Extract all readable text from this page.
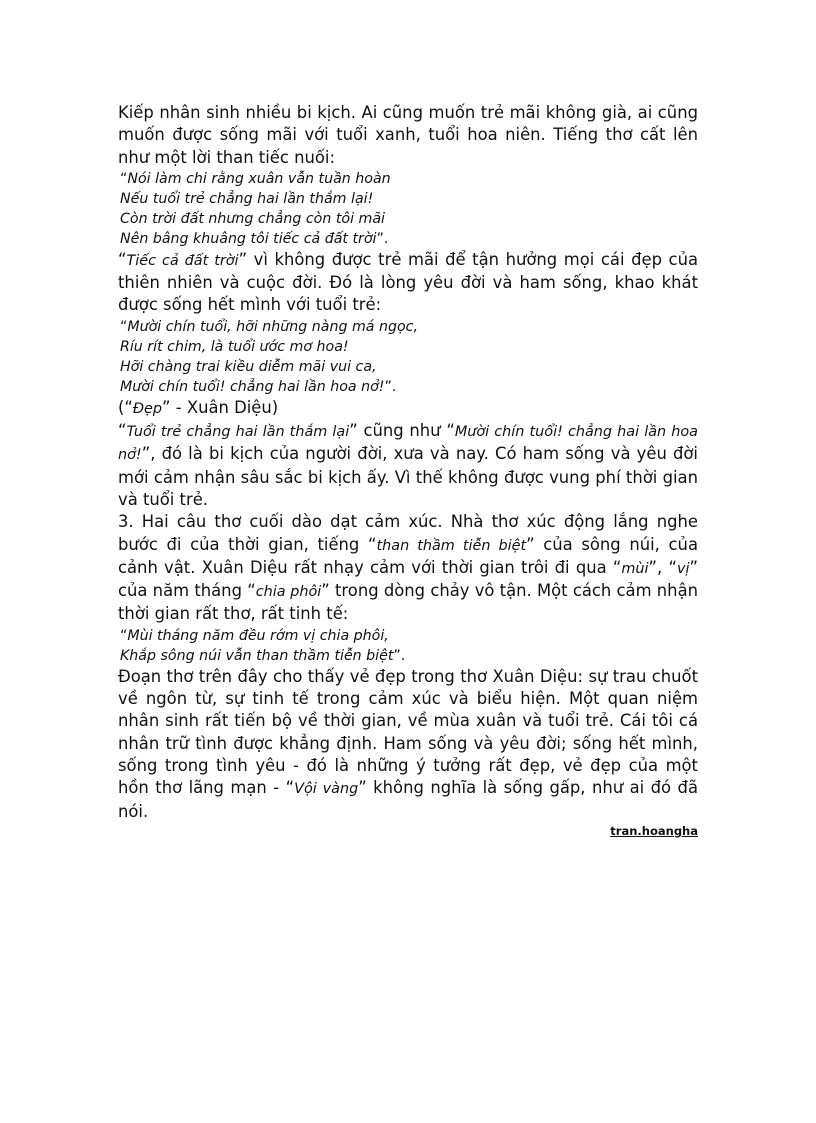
Kiếp nhân sinh nhiều bi kịch. Ai cũng muốn trẻ mãi không già, ai cũng muốn được sống mãi với tuổi xanh, tuổi hoa niên. Tiếng thơ cất lên như một lời than tiếc nuối:

“Nói làm chi rằng xuân vẫn tuần hoàn
Nếu tuổi trẻ chẳng hai lần thắm lại!
Còn trời đất nhưng chẳng còn tôi mãi
Nên bâng khuâng tôi tiếc cả đất trời”.

“Tiếc cả đất trời” vì không được trẻ mãi để tận hưởng mọi cái đẹp của thiên nhiên và cuộc đời. Đó là lòng yêu đời và ham sống, khao khát được sống hết mình với tuổi trẻ:

“Mười chín tuổi, hỡi những nàng má ngọc,
Ríu rít chim, là tuổi ước mơ hoa!
Hỡi chàng trai kiều diễm mãi vui ca,
Mười chín tuổi! chẳng hai lần hoa nở!”.

(“Đẹp” - Xuân Diệu)

“Tuổi trẻ chẳng hai lần thắm lại” cũng như “Mười chín tuổi! chẳng hai lần hoa nở!”, đó là bi kịch của người đời, xưa và nay. Có ham sống và yêu đời mới cảm nhận sâu sắc bi kịch ấy. Vì thế không được vung phí thời gian và tuổi trẻ.

3. Hai câu thơ cuối dào dạt cảm xúc. Nhà thơ xúc động lắng nghe bước đi của thời gian, tiếng “than thầm tiễn biệt” của sông núi, của cảnh vật. Xuân Diệu rất nhạy cảm với thời gian trôi đi qua “mùi”, “vị” của năm tháng “chia phôi” trong dòng chảy vô tận. Một cách cảm nhận thời gian rất thơ, rất tinh tế:

“Mùi tháng năm đều rớm vị chia phôi,
Khắp sông núi vẫn than thầm tiễn biệt”.

Đoạn thơ trên đây cho thấy vẻ đẹp trong thơ Xuân Diệu: sự trau chuốt về ngôn từ, sự tinh tế trong cảm xúc và biểu hiện. Một quan niệm nhân sinh rất tiến bộ về thời gian, về mùa xuân và tuổi trẻ. Cái tôi cá nhân trữ tình được khẳng định. Ham sống và yêu đời; sống hết mình, sống trong tình yêu - đó là những ý tưởng rất đẹp, vẻ đẹp của một hồn thơ lãng mạn - “Vội vàng” không nghĩa là sống gấp, như ai đó đã nói.

tran.hoangha
